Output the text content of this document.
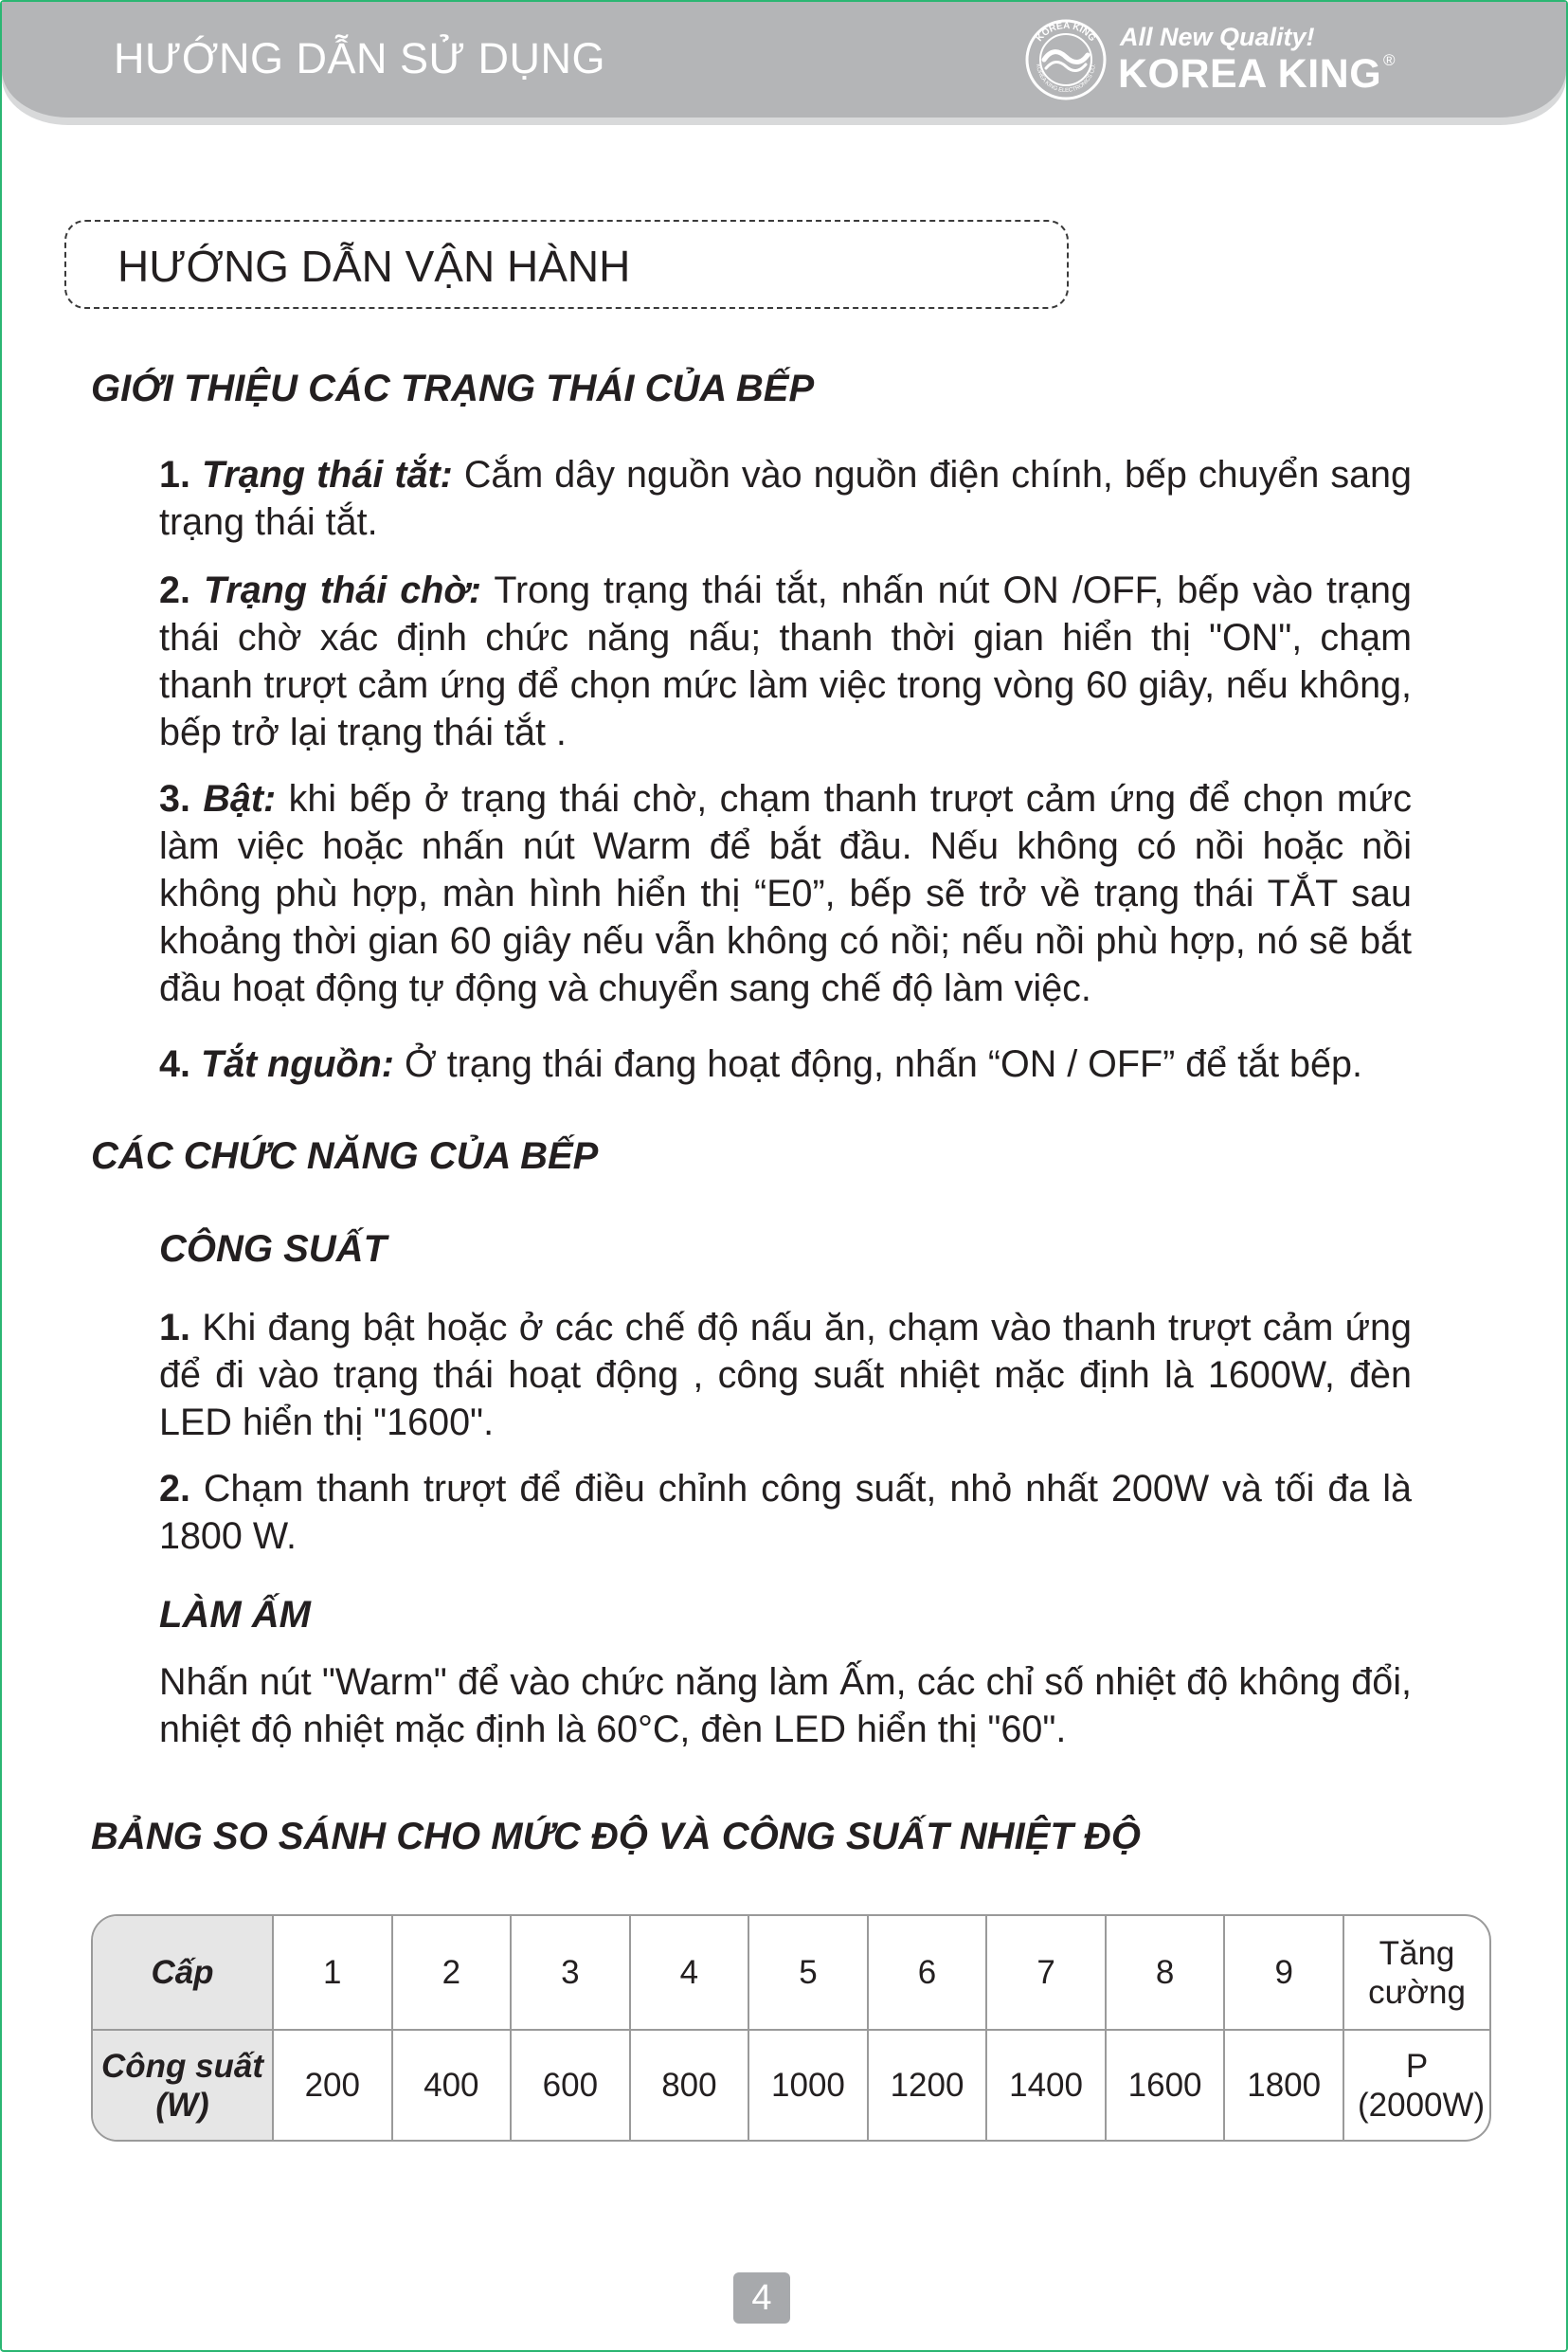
HƯỚNG DẪN SỬ DỤNG	KOREA KING
KOREA KING ELECTRONICS CO.
All New Quality!
KOREA KING ®
HƯỚNG DẪN VẬN HÀNH
GIỚI THIỆU CÁC TRẠNG THÁI CỦA BẾP
1. Trạng thái tắt: Cắm dây nguồn vào nguồn điện chính, bếp chuyển sang trạng thái tắt.
2. Trạng thái chờ: Trong trạng thái tắt, nhấn nút ON /OFF, bếp vào trạng thái chờ xác định chức năng nấu; thanh thời gian hiển thị "ON", chạm thanh trượt cảm ứng để chọn mức làm việc trong vòng 60 giây, nếu không, bếp trở lại trạng thái tắt .
3. Bật: khi bếp ở trạng thái chờ, chạm thanh trượt cảm ứng để chọn mức làm việc hoặc nhấn nút Warm để bắt đầu. Nếu không có nồi hoặc nồi không phù hợp, màn hình hiển thị “E0”, bếp sẽ trở về trạng thái TẮT sau khoảng thời gian 60 giây nếu vẫn không có nồi; nếu nồi phù hợp, nó sẽ bắt đầu hoạt động tự động và chuyển sang chế độ làm việc.
4. Tắt nguồn: Ở trạng thái đang hoạt động, nhấn “ON / OFF” để tắt bếp.
CÁC CHỨC NĂNG CỦA BẾP
CÔNG SUẤT
1. Khi đang bật hoặc ở các chế độ nấu ăn, chạm vào thanh trượt cảm ứng để đi vào trạng thái hoạt động , công suất nhiệt mặc định là 1600W, đèn LED hiển thị "1600".
2. Chạm thanh trượt để điều chỉnh công suất, nhỏ nhất 200W và tối đa là 1800 W.
LÀM ẤM
Nhấn nút "Warm" để vào chức năng làm Ấm, các chỉ số nhiệt độ không đổi, nhiệt độ nhiệt mặc định là 60°C, đèn LED hiển thị "60".
BẢNG SO SÁNH CHO MỨC ĐỘ VÀ CÔNG SUẤT NHIỆT ĐỘ
Cấp	1	2	3	4	5	6	7	8	9	Tăng cường
Công suất (W)	200	400	600	800	1000	1200	1400	1600	1800	P (2000W)
4
